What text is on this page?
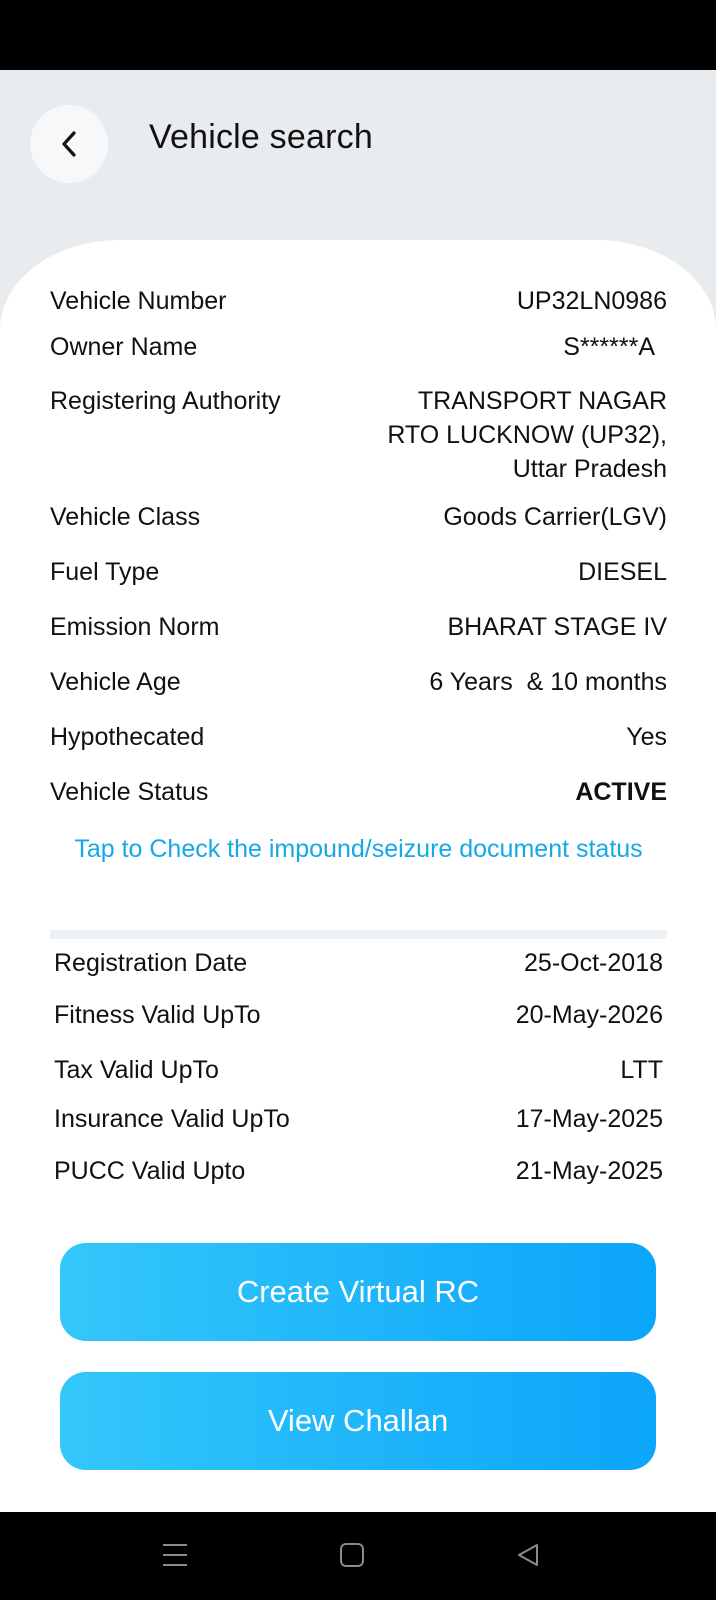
Vehicle search
Vehicle Number	UP32LN0986
Owner Name	S******A
Registering Authority	TRANSPORT NAGAR RTO LUCKNOW (UP32), Uttar Pradesh
Vehicle Class	Goods Carrier(LGV)
Fuel Type	DIESEL
Emission Norm	BHARAT STAGE IV
Vehicle Age	6 Years  & 10 months
Hypothecated	Yes
Vehicle Status	ACTIVE
Tap to Check the impound/seizure document status
Registration Date	25-Oct-2018
Fitness Valid UpTo	20-May-2026
Tax Valid UpTo	LTT
Insurance Valid UpTo	17-May-2025
PUCC Valid Upto	21-May-2025
Create Virtual RC
View Challan
